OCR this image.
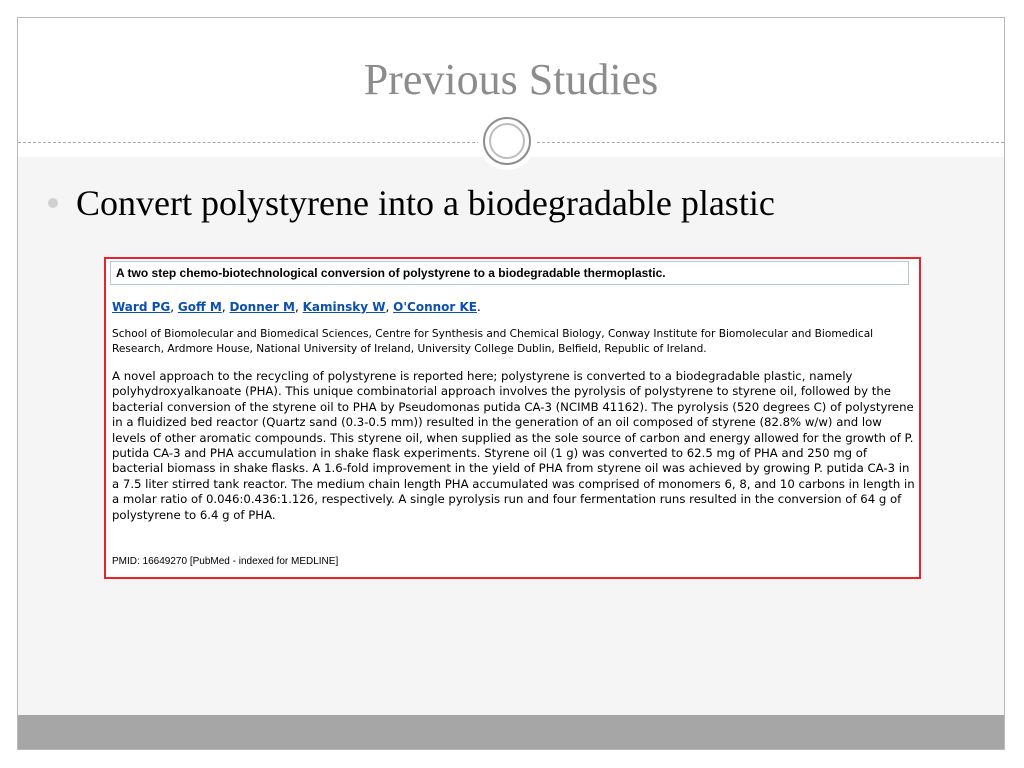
Previous Studies
Convert polystyrene into a biodegradable plastic
A two step chemo-biotechnological conversion of polystyrene to a biodegradable thermoplastic.
Ward PG, Goff M, Donner M, Kaminsky W, O'Connor KE.
School of Biomolecular and Biomedical Sciences, Centre for Synthesis and Chemical Biology, Conway Institute for Biomolecular and Biomedical Research, Ardmore House, National University of Ireland, University College Dublin, Belfield, Republic of Ireland.
A novel approach to the recycling of polystyrene is reported here; polystyrene is converted to a biodegradable plastic, namely polyhydroxyalkanoate (PHA). This unique combinatorial approach involves the pyrolysis of polystyrene to styrene oil, followed by the bacterial conversion of the styrene oil to PHA by Pseudomonas putida CA-3 (NCIMB 41162). The pyrolysis (520 degrees C) of polystyrene in a fluidized bed reactor (Quartz sand (0.3-0.5 mm)) resulted in the generation of an oil composed of styrene (82.8% w/w) and low levels of other aromatic compounds. This styrene oil, when supplied as the sole source of carbon and energy allowed for the growth of P. putida CA-3 and PHA accumulation in shake flask experiments. Styrene oil (1 g) was converted to 62.5 mg of PHA and 250 mg of bacterial biomass in shake flasks. A 1.6-fold improvement in the yield of PHA from styrene oil was achieved by growing P. putida CA-3 in a 7.5 liter stirred tank reactor. The medium chain length PHA accumulated was comprised of monomers 6, 8, and 10 carbons in length in a molar ratio of 0.046:0.436:1.126, respectively. A single pyrolysis run and four fermentation runs resulted in the conversion of 64 g of polystyrene to 6.4 g of PHA.
PMID: 16649270 [PubMed - indexed for MEDLINE]
